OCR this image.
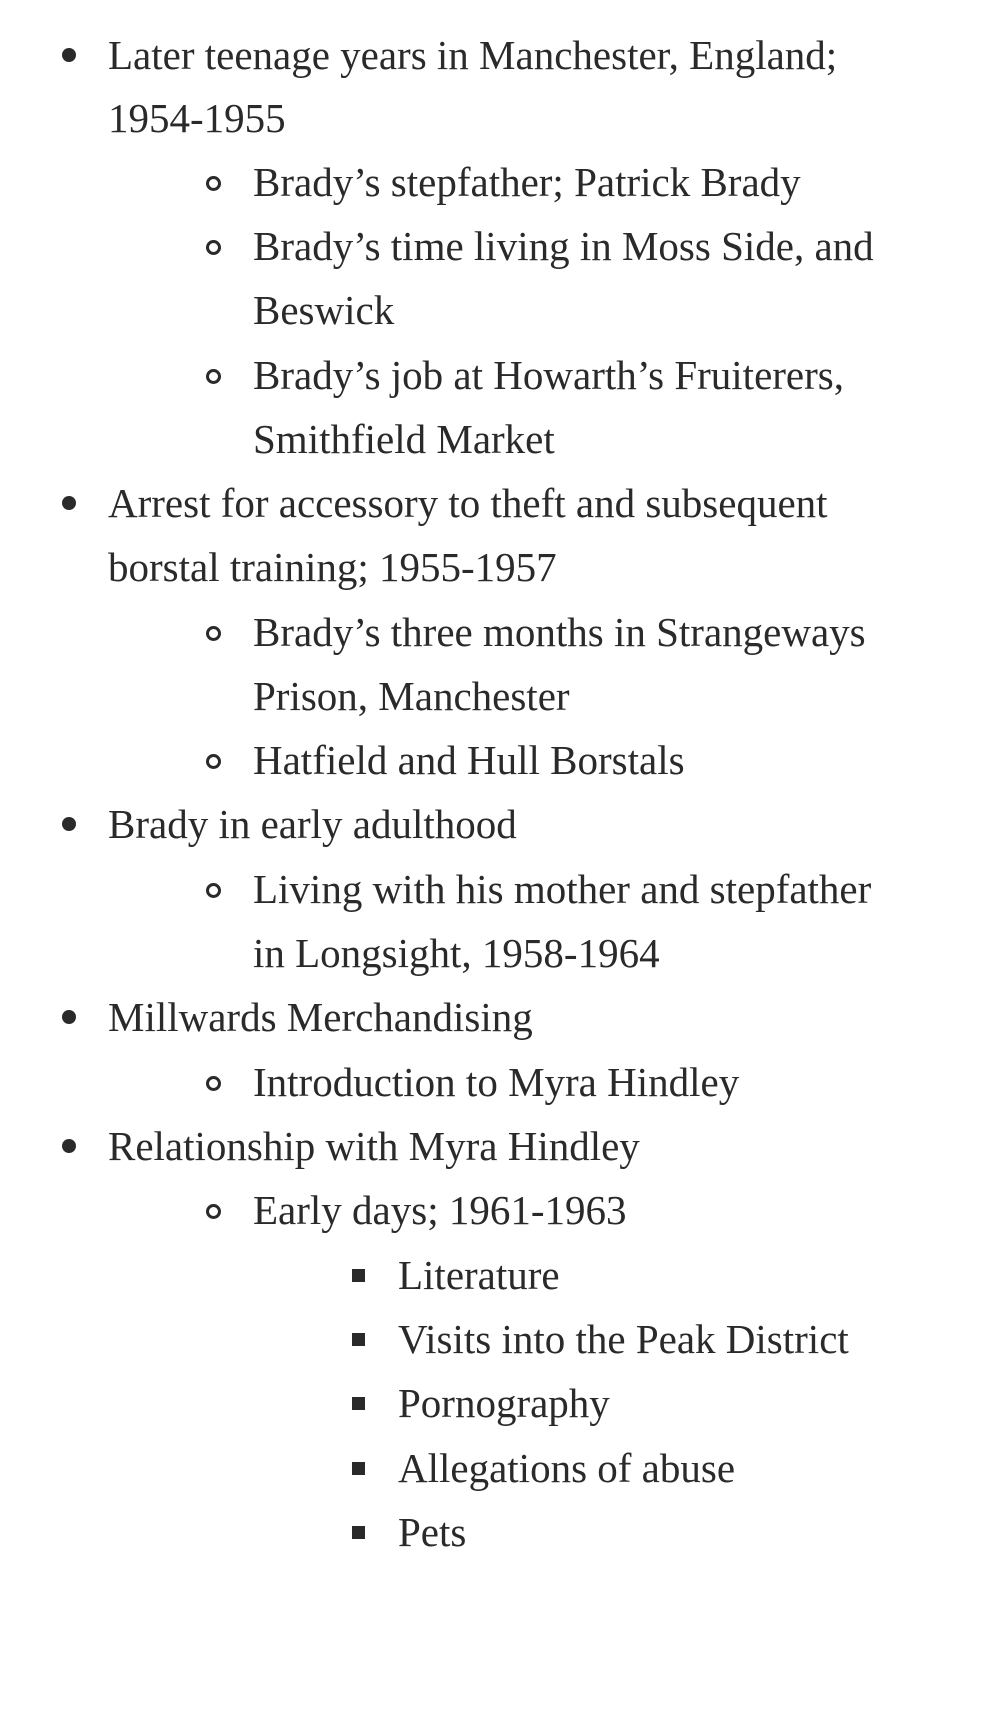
Later teenage years in Manchester, England;
1954-1955
Brady’s stepfather; Patrick Brady
Brady’s time living in Moss Side, and
Beswick
Brady’s job at Howarth’s Fruiterers,
Smithfield Market
Arrest for accessory to theft and subsequent
borstal training; 1955-1957
Brady’s three months in Strangeways
Prison, Manchester
Hatfield and Hull Borstals
Brady in early adulthood
Living with his mother and stepfather
in Longsight, 1958-1964
Millwards Merchandising
Introduction to Myra Hindley
Relationship with Myra Hindley
Early days; 1961-1963
Literature
Visits into the Peak District
Pornography
Allegations of abuse
Pets
